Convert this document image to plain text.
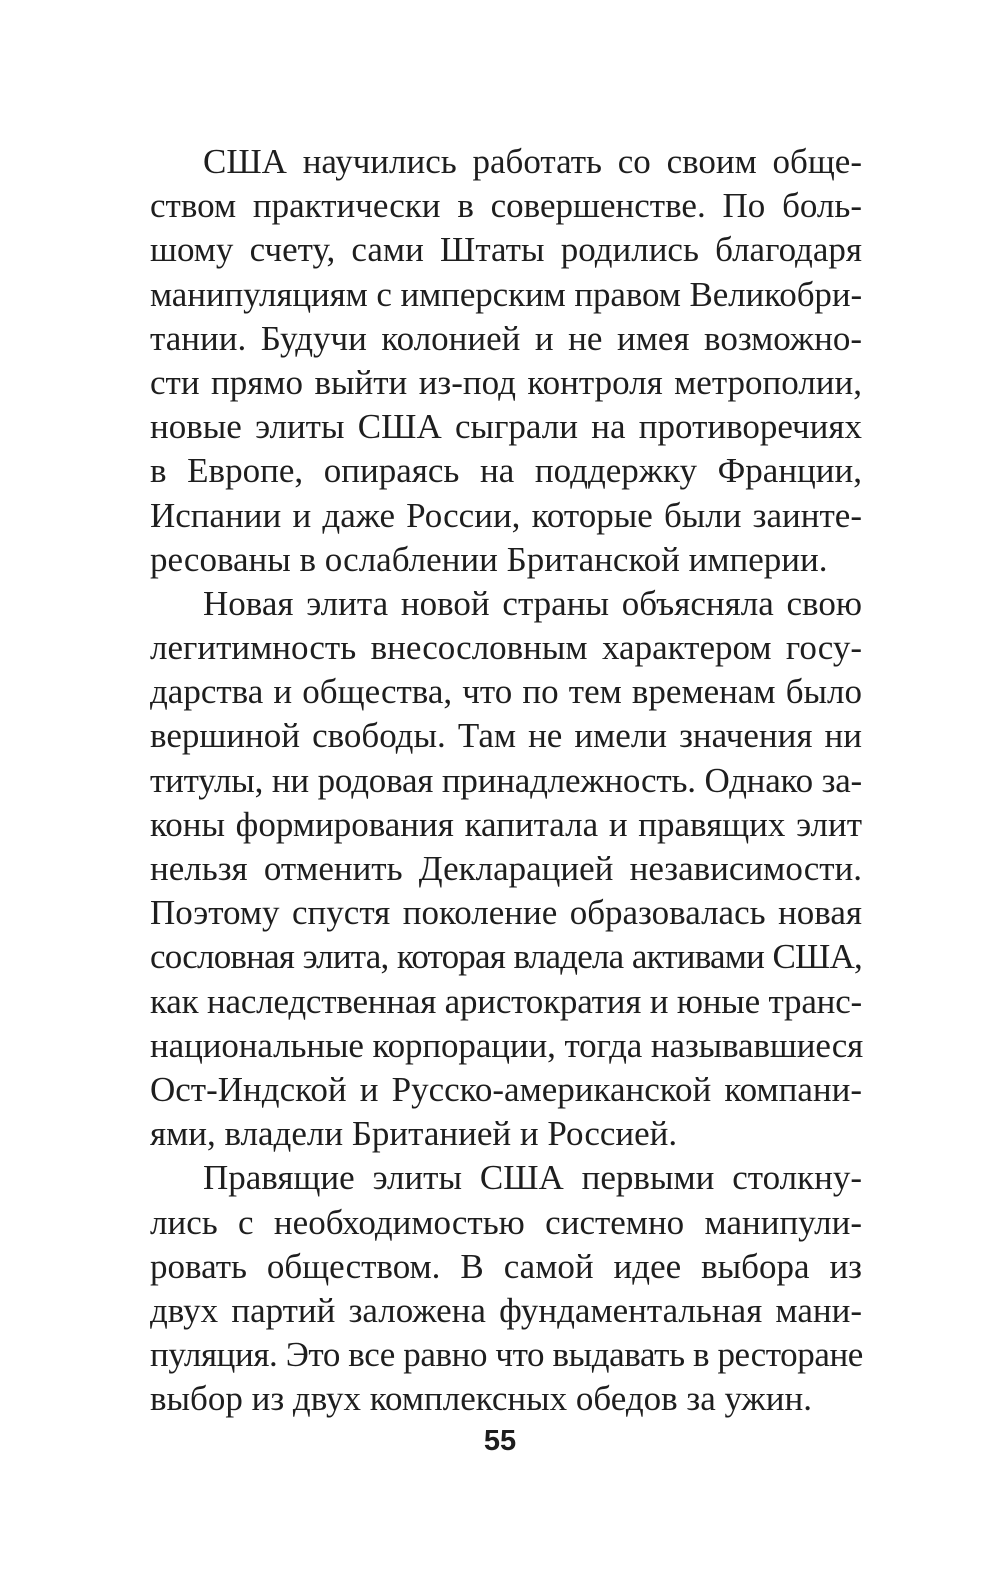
США научились работать со своим обще-
ством практически в совершенстве. По боль-
шому счету, сами Штаты родились благодаря
манипуляциям с имперским правом Великобри-
тании. Будучи колонией и не имея возможно-
сти прямо выйти из-под контроля метрополии,
новые элиты США сыграли на противоречиях
в Европе, опираясь на поддержку Франции,
Испании и даже России, которые были заинте-
ресованы в ослаблении Британской империи.
Новая элита новой страны объясняла свою
легитимность внесословным характером госу-
дарства и общества, что по тем временам было
вершиной свободы. Там не имели значения ни
титулы, ни родовая принадлежность. Однако за-
коны формирования капитала и правящих элит
нельзя отменить Декларацией независимости.
Поэтому спустя поколение образовалась новая
сословная элита, которая владела активами США,
как наследственная аристократия и юные транс-
национальные корпорации, тогда называвшиеся
Ост-Индской и Русско-американской компани-
ями, владели Британией и Россией.
Правящие элиты США первыми столкну-
лись с необходимостью системно манипули-
ровать обществом. В самой идее выбора из
двух партий заложена фундаментальная мани-
пуляция. Это все равно что выдавать в ресторане
выбор из двух комплексных обедов за ужин.
55
